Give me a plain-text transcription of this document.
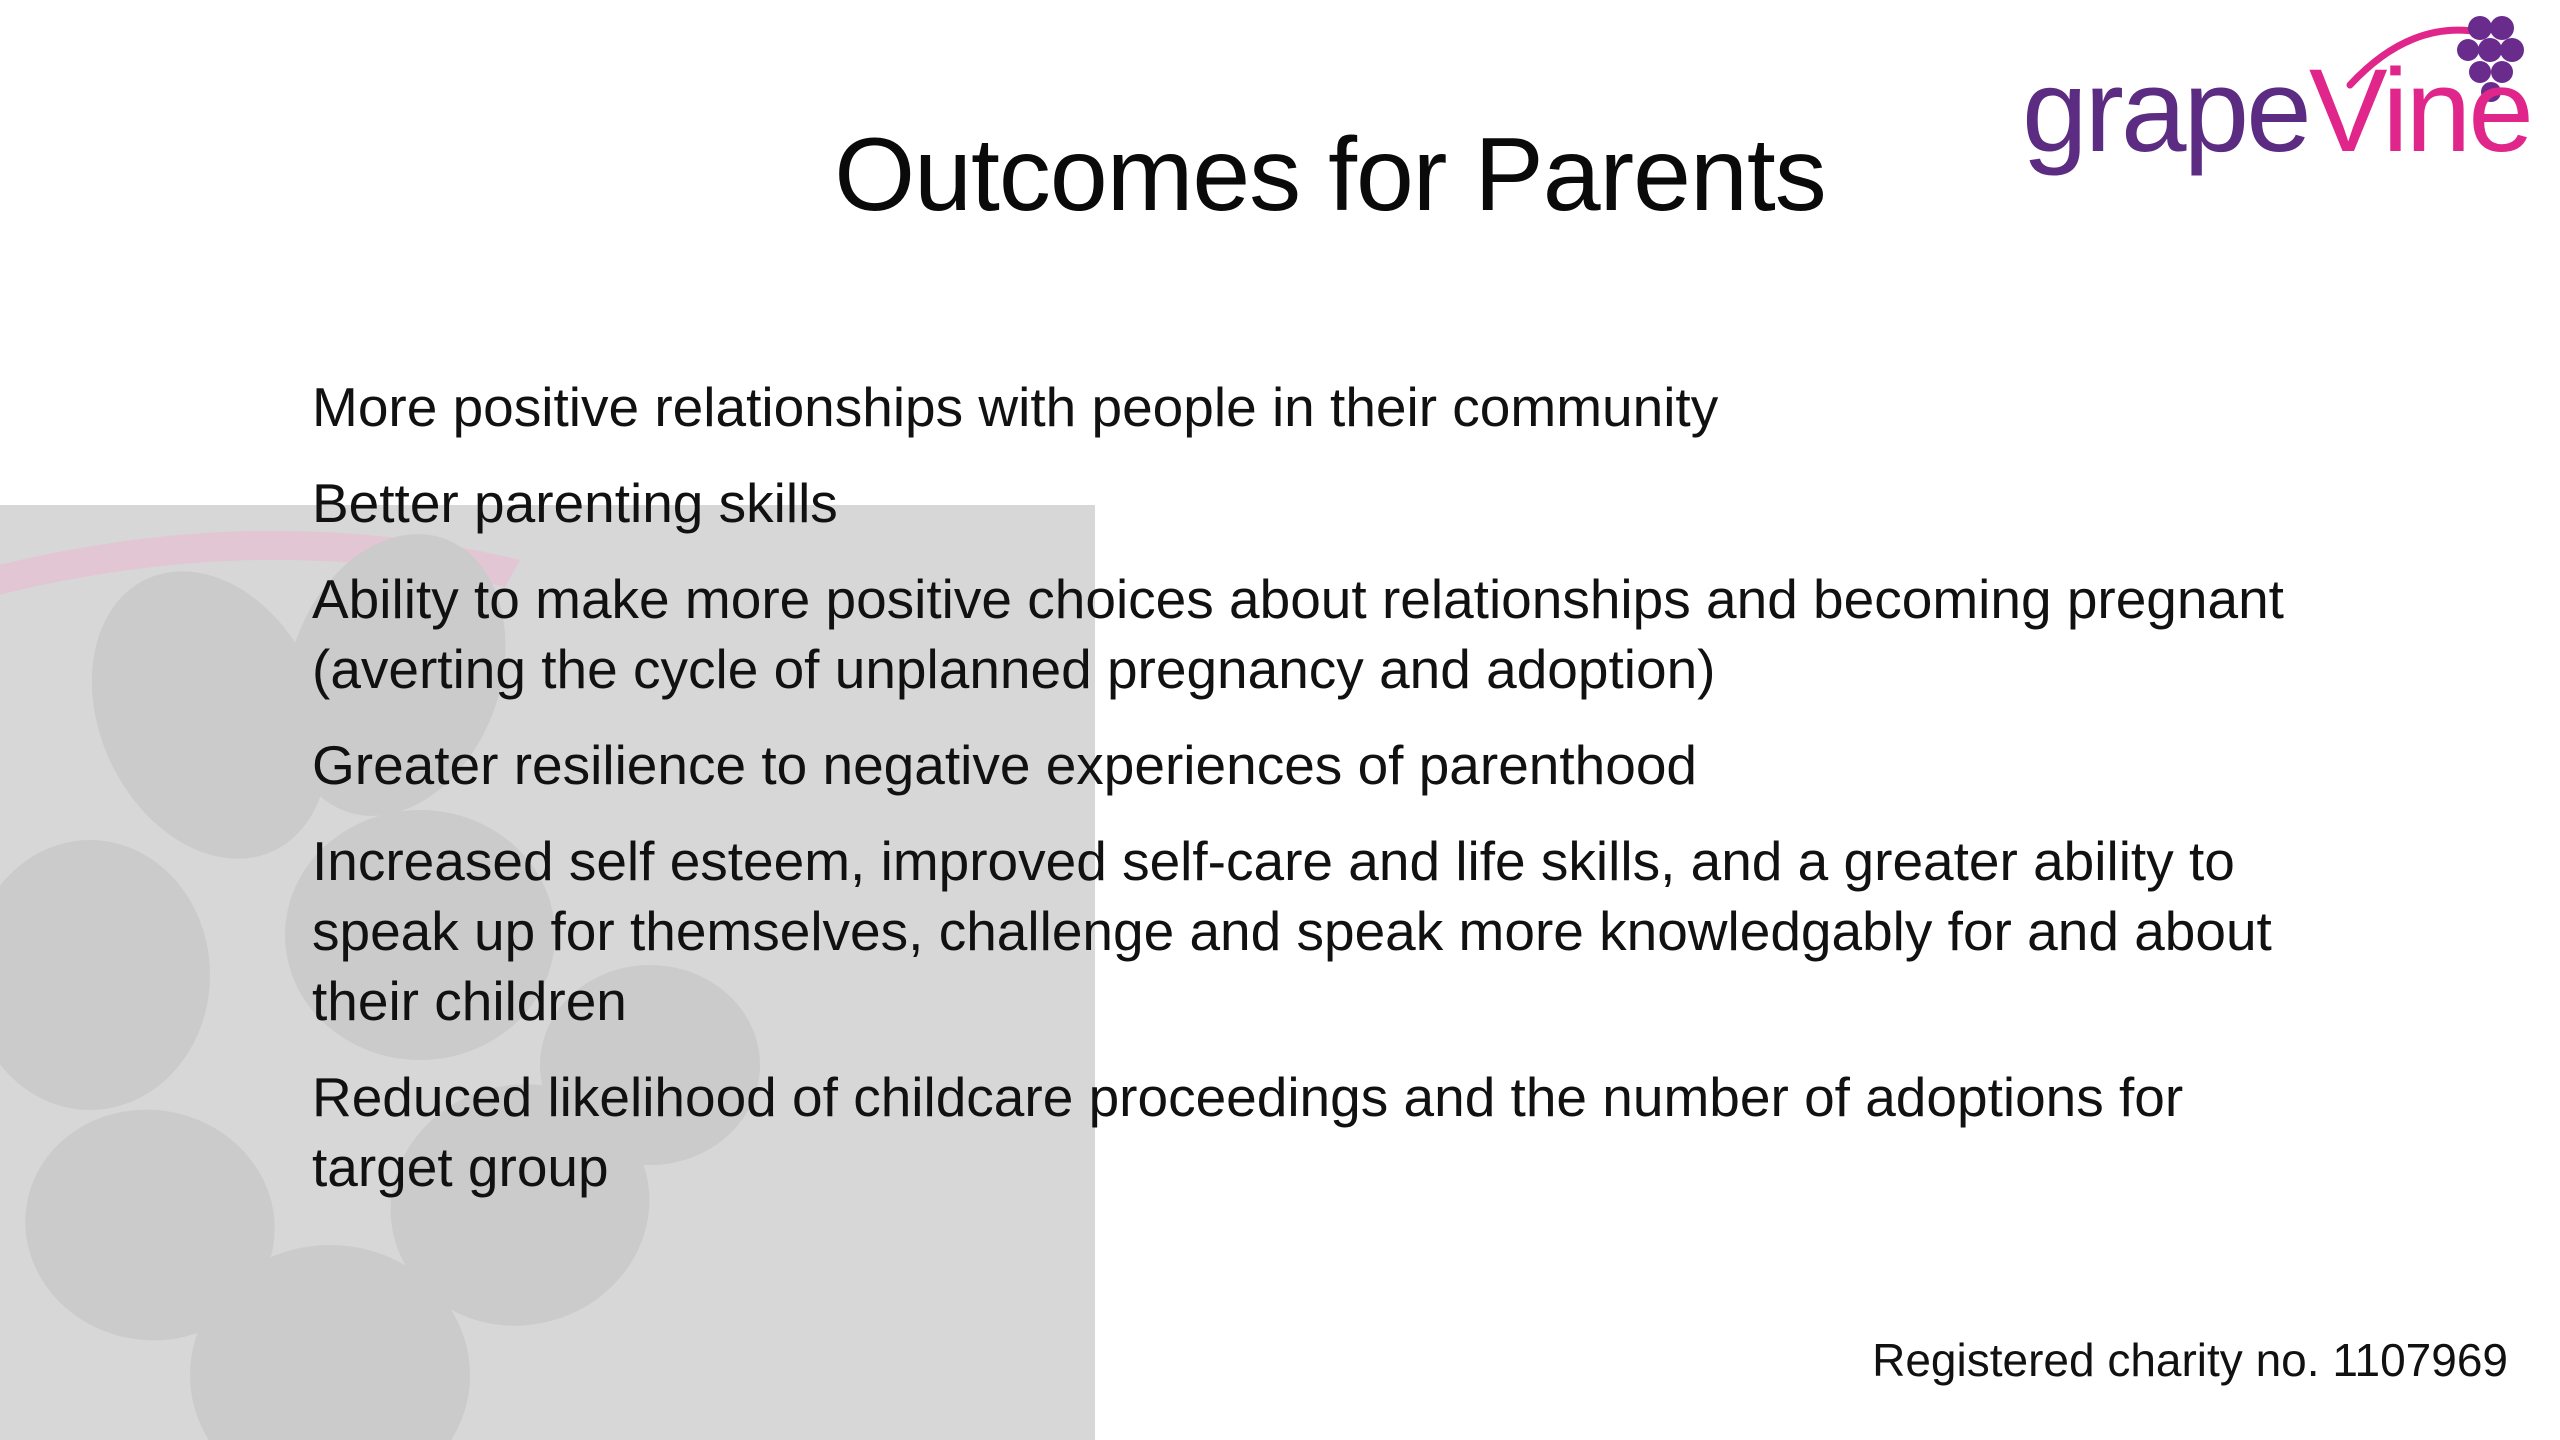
Outcomes for Parents	grapeVine
More positive relationships with people in their community
Better parenting skills
Ability to make more positive choices about relationships and becoming pregnant (averting the cycle of unplanned pregnancy and adoption)
Greater resilience to negative experiences of parenthood
Increased self esteem, improved self-care and life skills, and a greater ability to speak up for themselves, challenge and speak more knowledgably for and about their children
Reduced likelihood of childcare proceedings and the number of adoptions for target group
Registered charity no. 1107969
